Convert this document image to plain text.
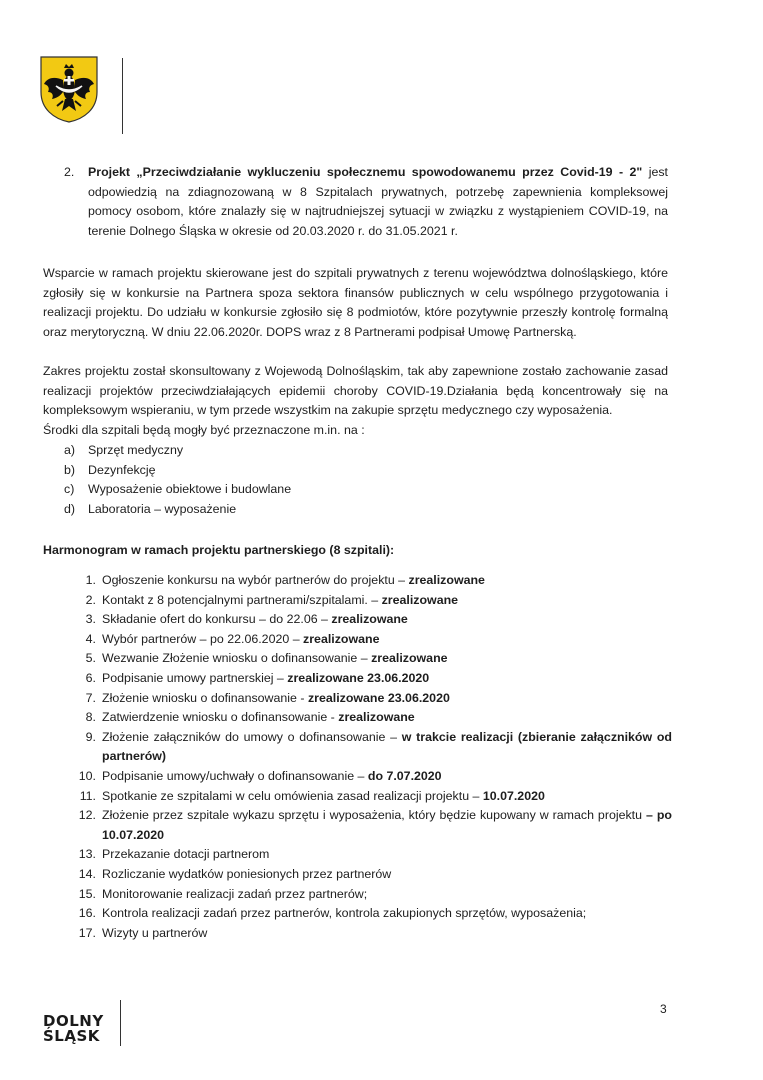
2. Projekt „Przeciwdziałanie wykluczeniu społecznemu spowodowanemu przez Covid-19 - 2" jest odpowiedzią na zdiagnozowaną w 8 Szpitalach prywatnych, potrzebę zapewnienia kompleksowej pomocy osobom, które znalazły się w najtrudniejszej sytuacji w związku z wystąpieniem COVID-19, na terenie Dolnego Śląska w okresie od 20.03.2020 r. do 31.05.2021 r.
Wsparcie w ramach projektu skierowane jest do szpitali prywatnych z terenu województwa dolnośląskiego, które zgłosiły się w konkursie na Partnera spoza sektora finansów publicznych w celu wspólnego przygotowania i realizacji projektu. Do udziału w konkursie zgłosiło się 8 podmiotów, które pozytywnie przeszły kontrolę formalną oraz merytoryczną. W dniu 22.06.2020r. DOPS wraz z 8 Partnerami podpisał Umowę Partnerską.
Zakres projektu został skonsultowany z Wojewodą Dolnośląskim, tak aby zapewnione zostało zachowanie zasad realizacji projektów przeciwdziałających epidemii choroby COVID-19.Działania będą koncentrowały się na kompleksowym wspieraniu, w tym przede wszystkim na zakupie sprzętu medycznego czy wyposażenia.
Środki dla szpitali będą mogły być przeznaczone m.in. na :
a) Sprzęt medyczny
b) Dezynfekcję
c) Wyposażenie obiektowe i budowlane
d) Laboratoria – wyposażenie
Harmonogram w ramach projektu partnerskiego (8 szpitali):
1. Ogłoszenie konkursu na wybór partnerów do projektu – zrealizowane
2. Kontakt z 8 potencjalnymi partnerami/szpitalami. – zrealizowane
3. Składanie ofert do konkursu – do 22.06 – zrealizowane
4. Wybór partnerów – po 22.06.2020 – zrealizowane
5. Wezwanie Złożenie wniosku o dofinansowanie – zrealizowane
6. Podpisanie umowy partnerskiej – zrealizowane 23.06.2020
7. Złożenie wniosku o dofinansowanie - zrealizowane 23.06.2020
8. Zatwierdzenie wniosku o dofinansowanie - zrealizowane
9. Złożenie załączników do umowy o dofinansowanie – w trakcie realizacji (zbieranie załączników od partnerów)
10. Podpisanie umowy/uchwały o dofinansowanie – do 7.07.2020
11. Spotkanie ze szpitalami w celu omówienia zasad realizacji projektu – 10.07.2020
12. Złożenie przez szpitale wykazu sprzętu i wyposażenia, który będzie kupowany w ramach projektu – po 10.07.2020
13. Przekazanie dotacji partnerom
14. Rozliczanie wydatków poniesionych przez partnerów
15. Monitorowanie realizacji zadań przez partnerów;
16. Kontrola realizacji zadań przez partnerów, kontrola zakupionych sprzętów, wyposażenia;
17. Wizyty u partnerów
DOLNY
ŚLĄSK
3
